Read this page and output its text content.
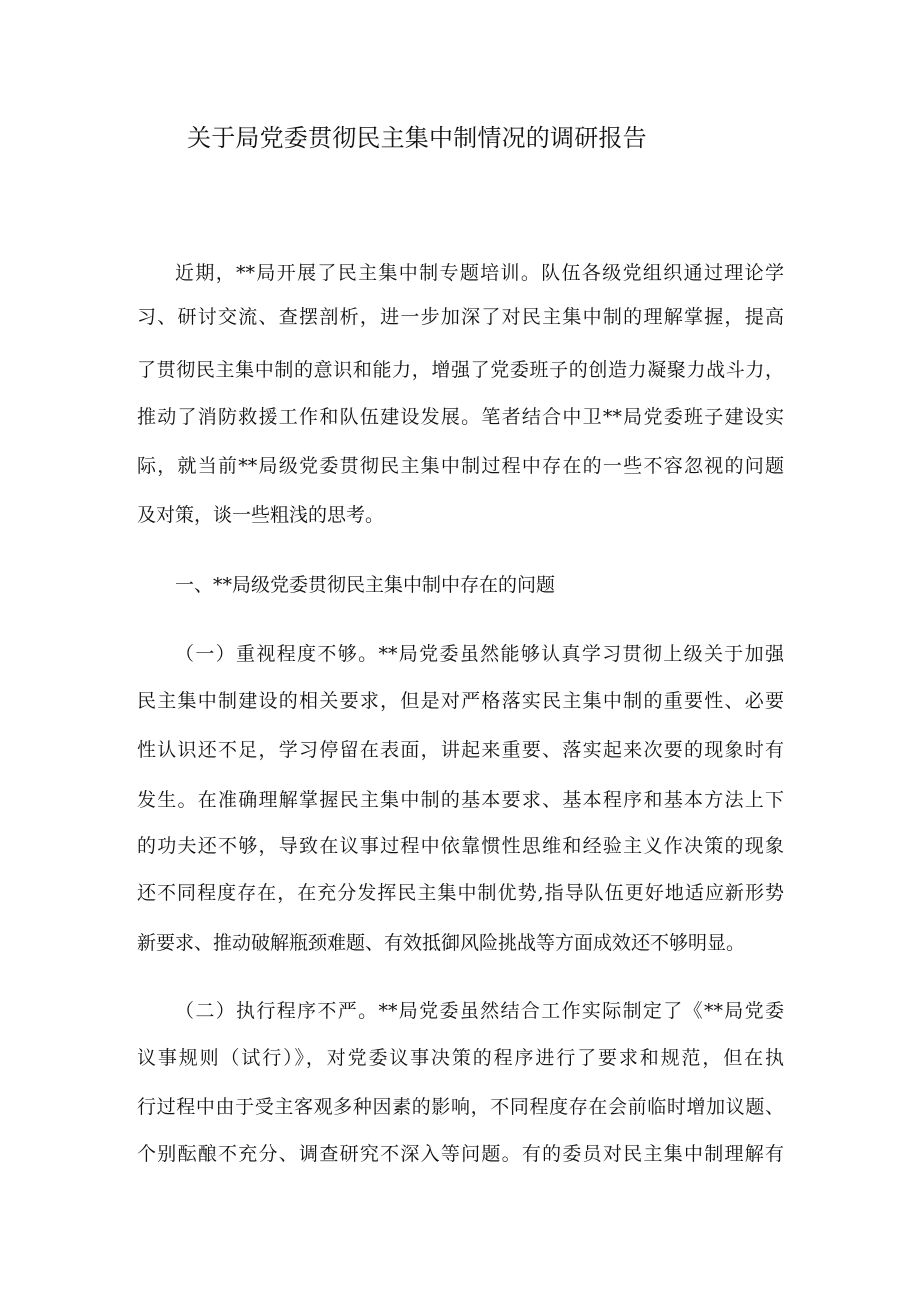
关于局党委贯彻民主集中制情况的调研报告

近期，**局开展了民主集中制专题培训。队伍各级党组织通过理论学

习、研讨交流、查摆剖析，进一步加深了对民主集中制的理解掌握，提高

了贯彻民主集中制的意识和能力，增强了党委班子的创造力凝聚力战斗力，

推动了消防救援工作和队伍建设发展。笔者结合中卫**局党委班子建设实

际，就当前**局级党委贯彻民主集中制过程中存在的一些不容忽视的问题

及对策，谈一些粗浅的思考。

一、**局级党委贯彻民主集中制中存在的问题

（一）重视程度不够。**局党委虽然能够认真学习贯彻上级关于加强

民主集中制建设的相关要求，但是对严格落实民主集中制的重要性、必要

性认识还不足，学习停留在表面，讲起来重要、落实起来次要的现象时有

发生。在准确理解掌握民主集中制的基本要求、基本程序和基本方法上下

的功夫还不够，导致在议事过程中依靠惯性思维和经验主义作决策的现象

还不同程度存在，在充分发挥民主集中制优势,指导队伍更好地适应新形势

新要求、推动破解瓶颈难题、有效抵御风险挑战等方面成效还不够明显。

（二）执行程序不严。**局党委虽然结合工作实际制定了《**局党委

议事规则（试行）》，对党委议事决策的程序进行了要求和规范，但在执

行过程中由于受主客观多种因素的影响，不同程度存在会前临时增加议题、

个别酝酿不充分、调查研究不深入等问题。有的委员对民主集中制理解有
